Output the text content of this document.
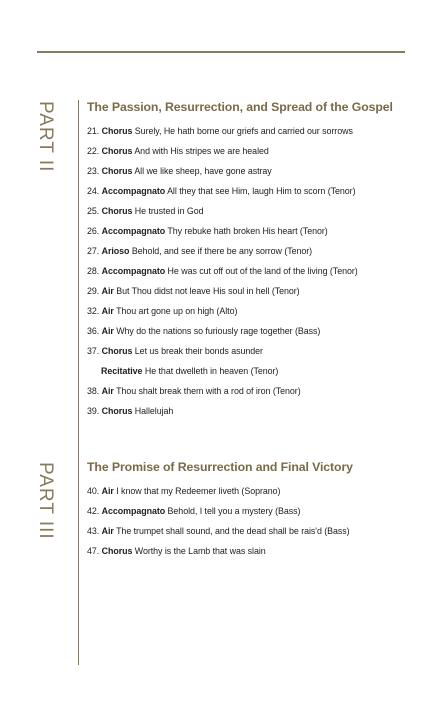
PART II
PART III
The Passion, Resurrection, and Spread of the Gospel
21. Chorus Surely, He hath borne our griefs and carried our sorrows
22. Chorus And with His stripes we are healed
23. Chorus All we like sheep, have gone astray
24. Accompagnato All they that see Him, laugh Him to scorn (Tenor)
25. Chorus He trusted in God
26. Accompagnato Thy rebuke hath broken His heart (Tenor)
27. Arioso Behold, and see if there be any sorrow (Tenor)
28. Accompagnato He was cut off out of the land of the living (Tenor)
29. Air But Thou didst not leave His soul in hell (Tenor)
32. Air Thou art gone up on high (Alto)
36. Air Why do the nations so furiously rage together (Bass)
37. Chorus Let us break their bonds asunder
Recitative He that dwelleth in heaven (Tenor)
38. Air Thou shalt break them with a rod of iron (Tenor)
39. Chorus Hallelujah
The Promise of Resurrection and Final Victory
40. Air I know that my Redeemer liveth (Soprano)
42. Accompagnato Behold, I tell you a mystery (Bass)
43. Air The trumpet shall sound, and the dead shall be rais'd (Bass)
47. Chorus Worthy is the Lamb that was slain
